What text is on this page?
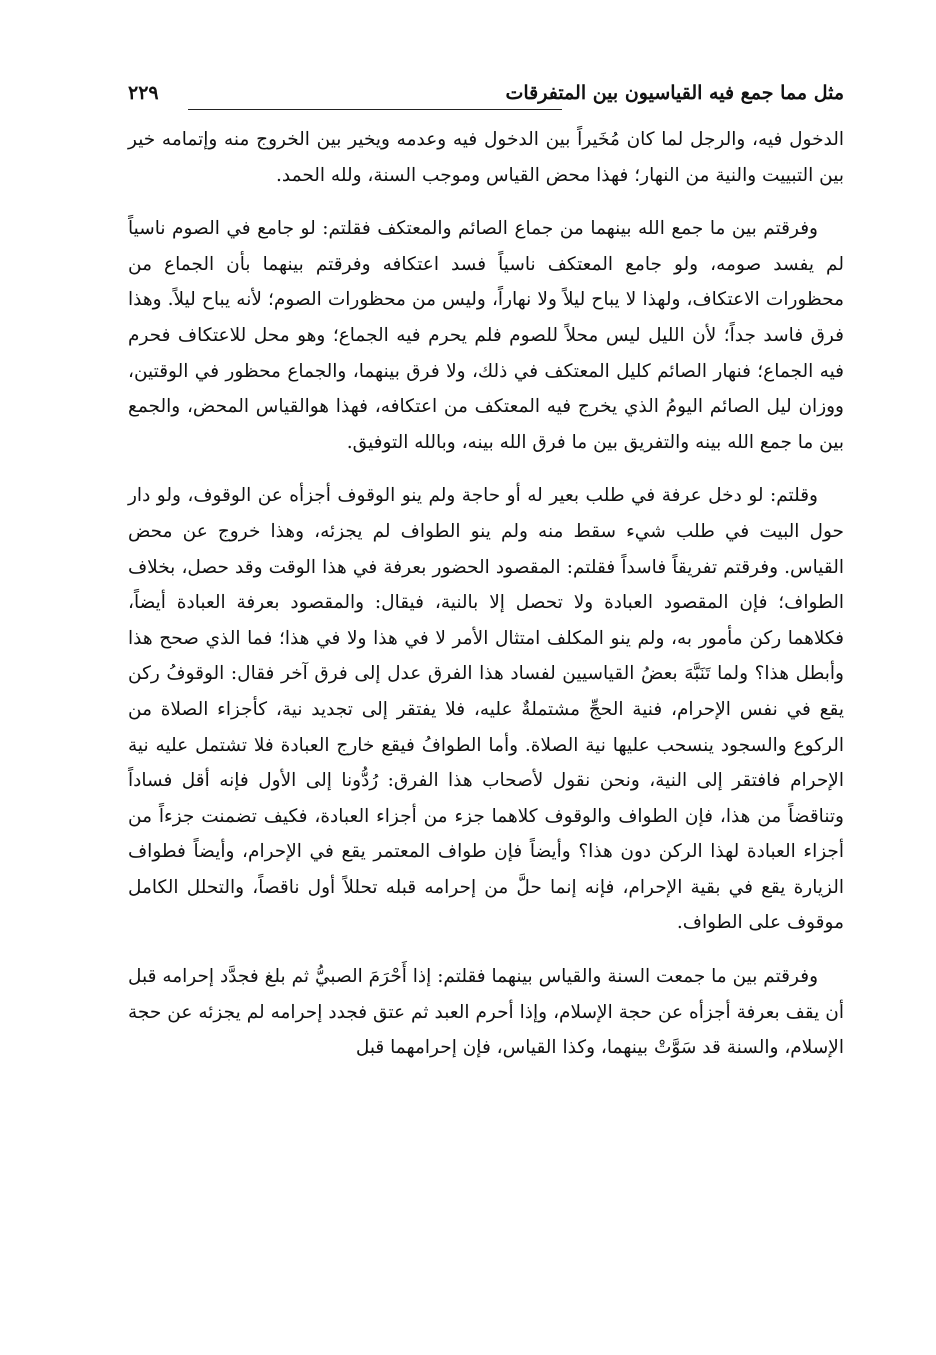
مثل مما جمع فيه القياسيون بين المتفرقات
٢٢٩

الدخول فيه، والرجل لما كان مُخَيراً بين الدخول فيه وعدمه ويخير بين الخروج منه وإتمامه خير بين التبييت والنية من النهار؛ فهذا محض القياس وموجب السنة، ولله الحمد.

وفرقتم بين ما جمع الله بينهما من جماع الصائم والمعتكف فقلتم: لو جامع في الصوم ناسياً لم يفسد صومه، ولو جامع المعتكف ناسياً فسد اعتكافه وفرقتم بينهما بأن الجماع من محظورات الاعتكاف، ولهذا لا يباح ليلاً ولا نهاراً، وليس من محظورات الصوم؛ لأنه يباح ليلاً. وهذا فرق فاسد جداً؛ لأن الليل ليس محلاً للصوم فلم يحرم فيه الجماع؛ وهو محل للاعتكاف فحرم فيه الجماع؛ فنهار الصائم كليل المعتكف في ذلك، ولا فرق بينهما، والجماع محظور في الوقتين، ووزان ليل الصائم اليومُ الذي يخرج فيه المعتكف من اعتكافه، فهذا هوالقياس المحض، والجمع بين ما جمع الله بينه والتفريق بين ما فرق الله بينه، وبالله التوفيق.

وقلتم: لو دخل عرفة في طلب بعير له أو حاجة ولم ينو الوقوف أجزأه عن الوقوف، ولو دار حول البيت في طلب شيء سقط منه ولم ينو الطواف لم يجزئه، وهذا خروج عن محض القياس. وفرقتم تفريقاً فاسداً فقلتم: المقصود الحضور بعرفة في هذا الوقت وقد حصل، بخلاف الطواف؛ فإن المقصود العبادة ولا تحصل إلا بالنية، فيقال: والمقصود بعرفة العبادة أيضاً، فكلاهما ركن مأمور به، ولم ينو المكلف امتثال الأمر لا في هذا ولا في هذا؛ فما الذي صحح هذا وأبطل هذا؟ ولما تَنَبَّهَ بعضُ القياسيين لفساد هذا الفرق عدل إلى فرق آخر فقال: الوقوفُ ركن يقع في نفس الإحرام، فنية الحجِّ مشتملةٌ عليه، فلا يفتقر إلى تجديد نية، كأجزاء الصلاة من الركوع والسجود ينسحب عليها نية الصلاة. وأما الطوافُ فيقع خارج العبادة فلا تشتمل عليه نية الإحرام فافتقر إلى النية، ونحن نقول لأصحاب هذا الفرق: رُدُّونا إلى الأول فإنه أقل فساداً وتناقضاً من هذا، فإن الطواف والوقوف كلاهما جزء من أجزاء العبادة، فكيف تضمنت جزءاً من أجزاء العبادة لهذا الركن دون هذا؟ وأيضاً فإن طواف المعتمر يقع في الإحرام، وأيضاً فطواف الزيارة يقع في بقية الإحرام، فإنه إنما حلَّ من إحرامه قبله تحللاً أول ناقصاً، والتحلل الكامل موقوف على الطواف.

وفرقتم بين ما جمعت السنة والقياس بينهما فقلتم: إذا أَحْرَمَ الصبيُّ ثم بلغ فجدَّد إحرامه قبل أن يقف بعرفة أجزأه عن حجة الإسلام، وإذا أحرم العبد ثم عتق فجدد إحرامه لم يجزئه عن حجة الإسلام، والسنة قد سَوَّتْ بينهما، وكذا القياس، فإن إحرامهما قبل
